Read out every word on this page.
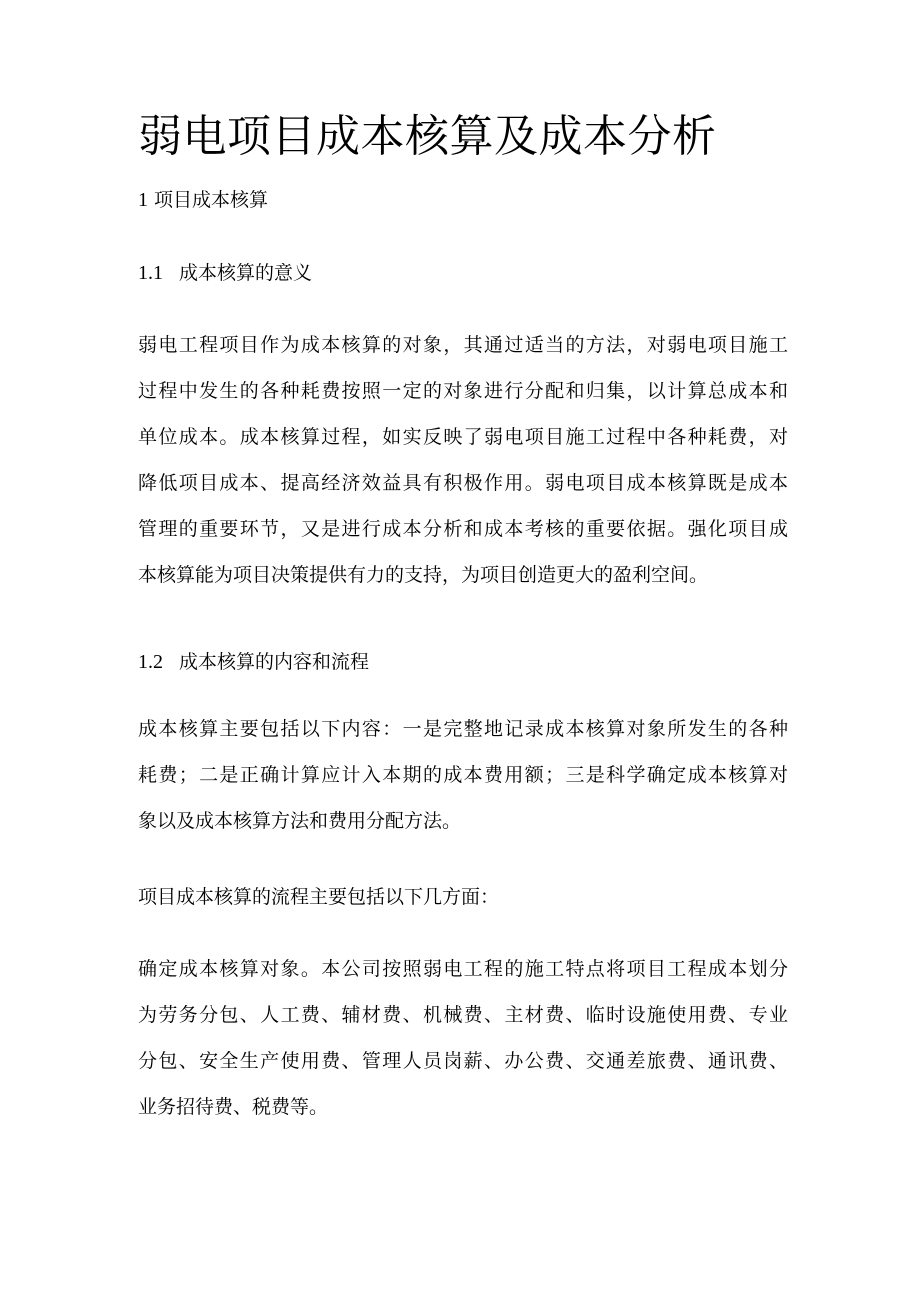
弱电项目成本核算及成本分析
1 项目成本核算
1.1 成本核算的意义
弱电工程项目作为成本核算的对象，其通过适当的方法，对弱电项目施工
过程中发生的各种耗费按照一定的对象进行分配和归集，以计算总成本和
单位成本。成本核算过程，如实反映了弱电项目施工过程中各种耗费，对
降低项目成本、提高经济效益具有积极作用。弱电项目成本核算既是成本
管理的重要环节，又是进行成本分析和成本考核的重要依据。强化项目成
本核算能为项目决策提供有力的支持，为项目创造更大的盈利空间。
1.2 成本核算的内容和流程
成本核算主要包括以下内容：一是完整地记录成本核算对象所发生的各种
耗费；二是正确计算应计入本期的成本费用额；三是科学确定成本核算对
象以及成本核算方法和费用分配方法。
项目成本核算的流程主要包括以下几方面：
确定成本核算对象。本公司按照弱电工程的施工特点将项目工程成本划分
为劳务分包、人工费、辅材费、机械费、主材费、临时设施使用费、专业
分包、安全生产使用费、管理人员岗薪、办公费、交通差旅费、通讯费、
业务招待费、税费等。
